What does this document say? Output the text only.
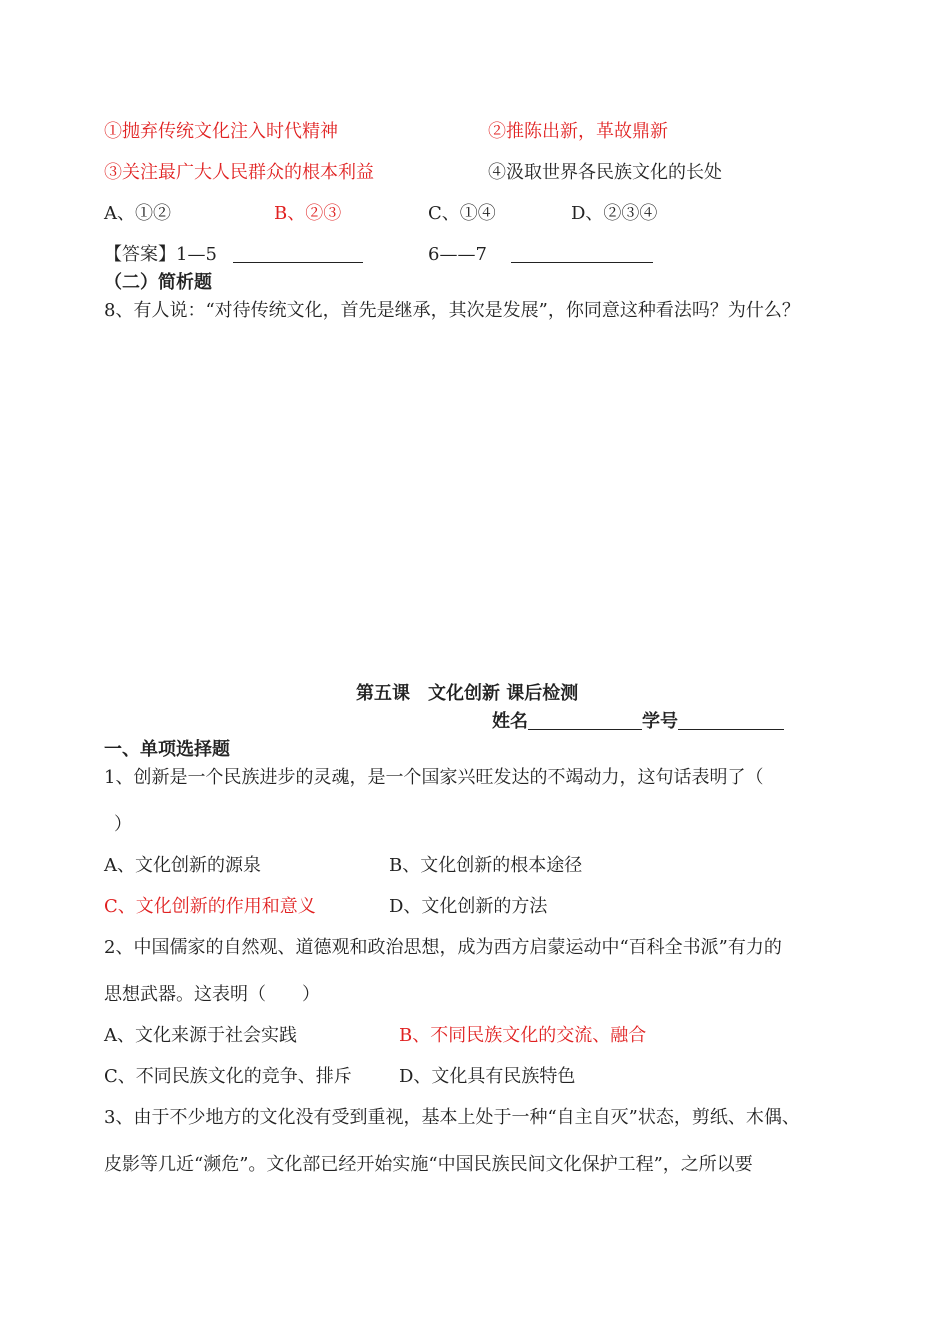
①抛弃传统文化注入时代精神	②推陈出新，革故鼎新
③关注最广大人民群众的根本利益	④汲取世界各民族文化的长处
A、①②	B、②③	C、①④	D、②③④
【答案】1—5	6——7
（二）简析题
8、有人说：“对待传统文化，首先是继承，其次是发展”，你同意这种看法吗？为什么？
第五课　文化创新 课后检测
姓名	学号
一、单项选择题
1、创新是一个民族进步的灵魂，是一个国家兴旺发达的不竭动力，这句话表明了（
）
A、文化创新的源泉	B、文化创新的根本途径
C、文化创新的作用和意义	D、文化创新的方法
2、中国儒家的自然观、道德观和政治思想，成为西方启蒙运动中“百科全书派”有力的
思想武器。这表明（　　）
A、文化来源于社会实践	B、不同民族文化的交流、融合
C、不同民族文化的竞争、排斥	D、文化具有民族特色
3、由于不少地方的文化没有受到重视，基本上处于一种“自主自灭”状态，剪纸、木偶、
皮影等几近“濒危”。文化部已经开始实施“中国民族民间文化保护工程”，之所以要
